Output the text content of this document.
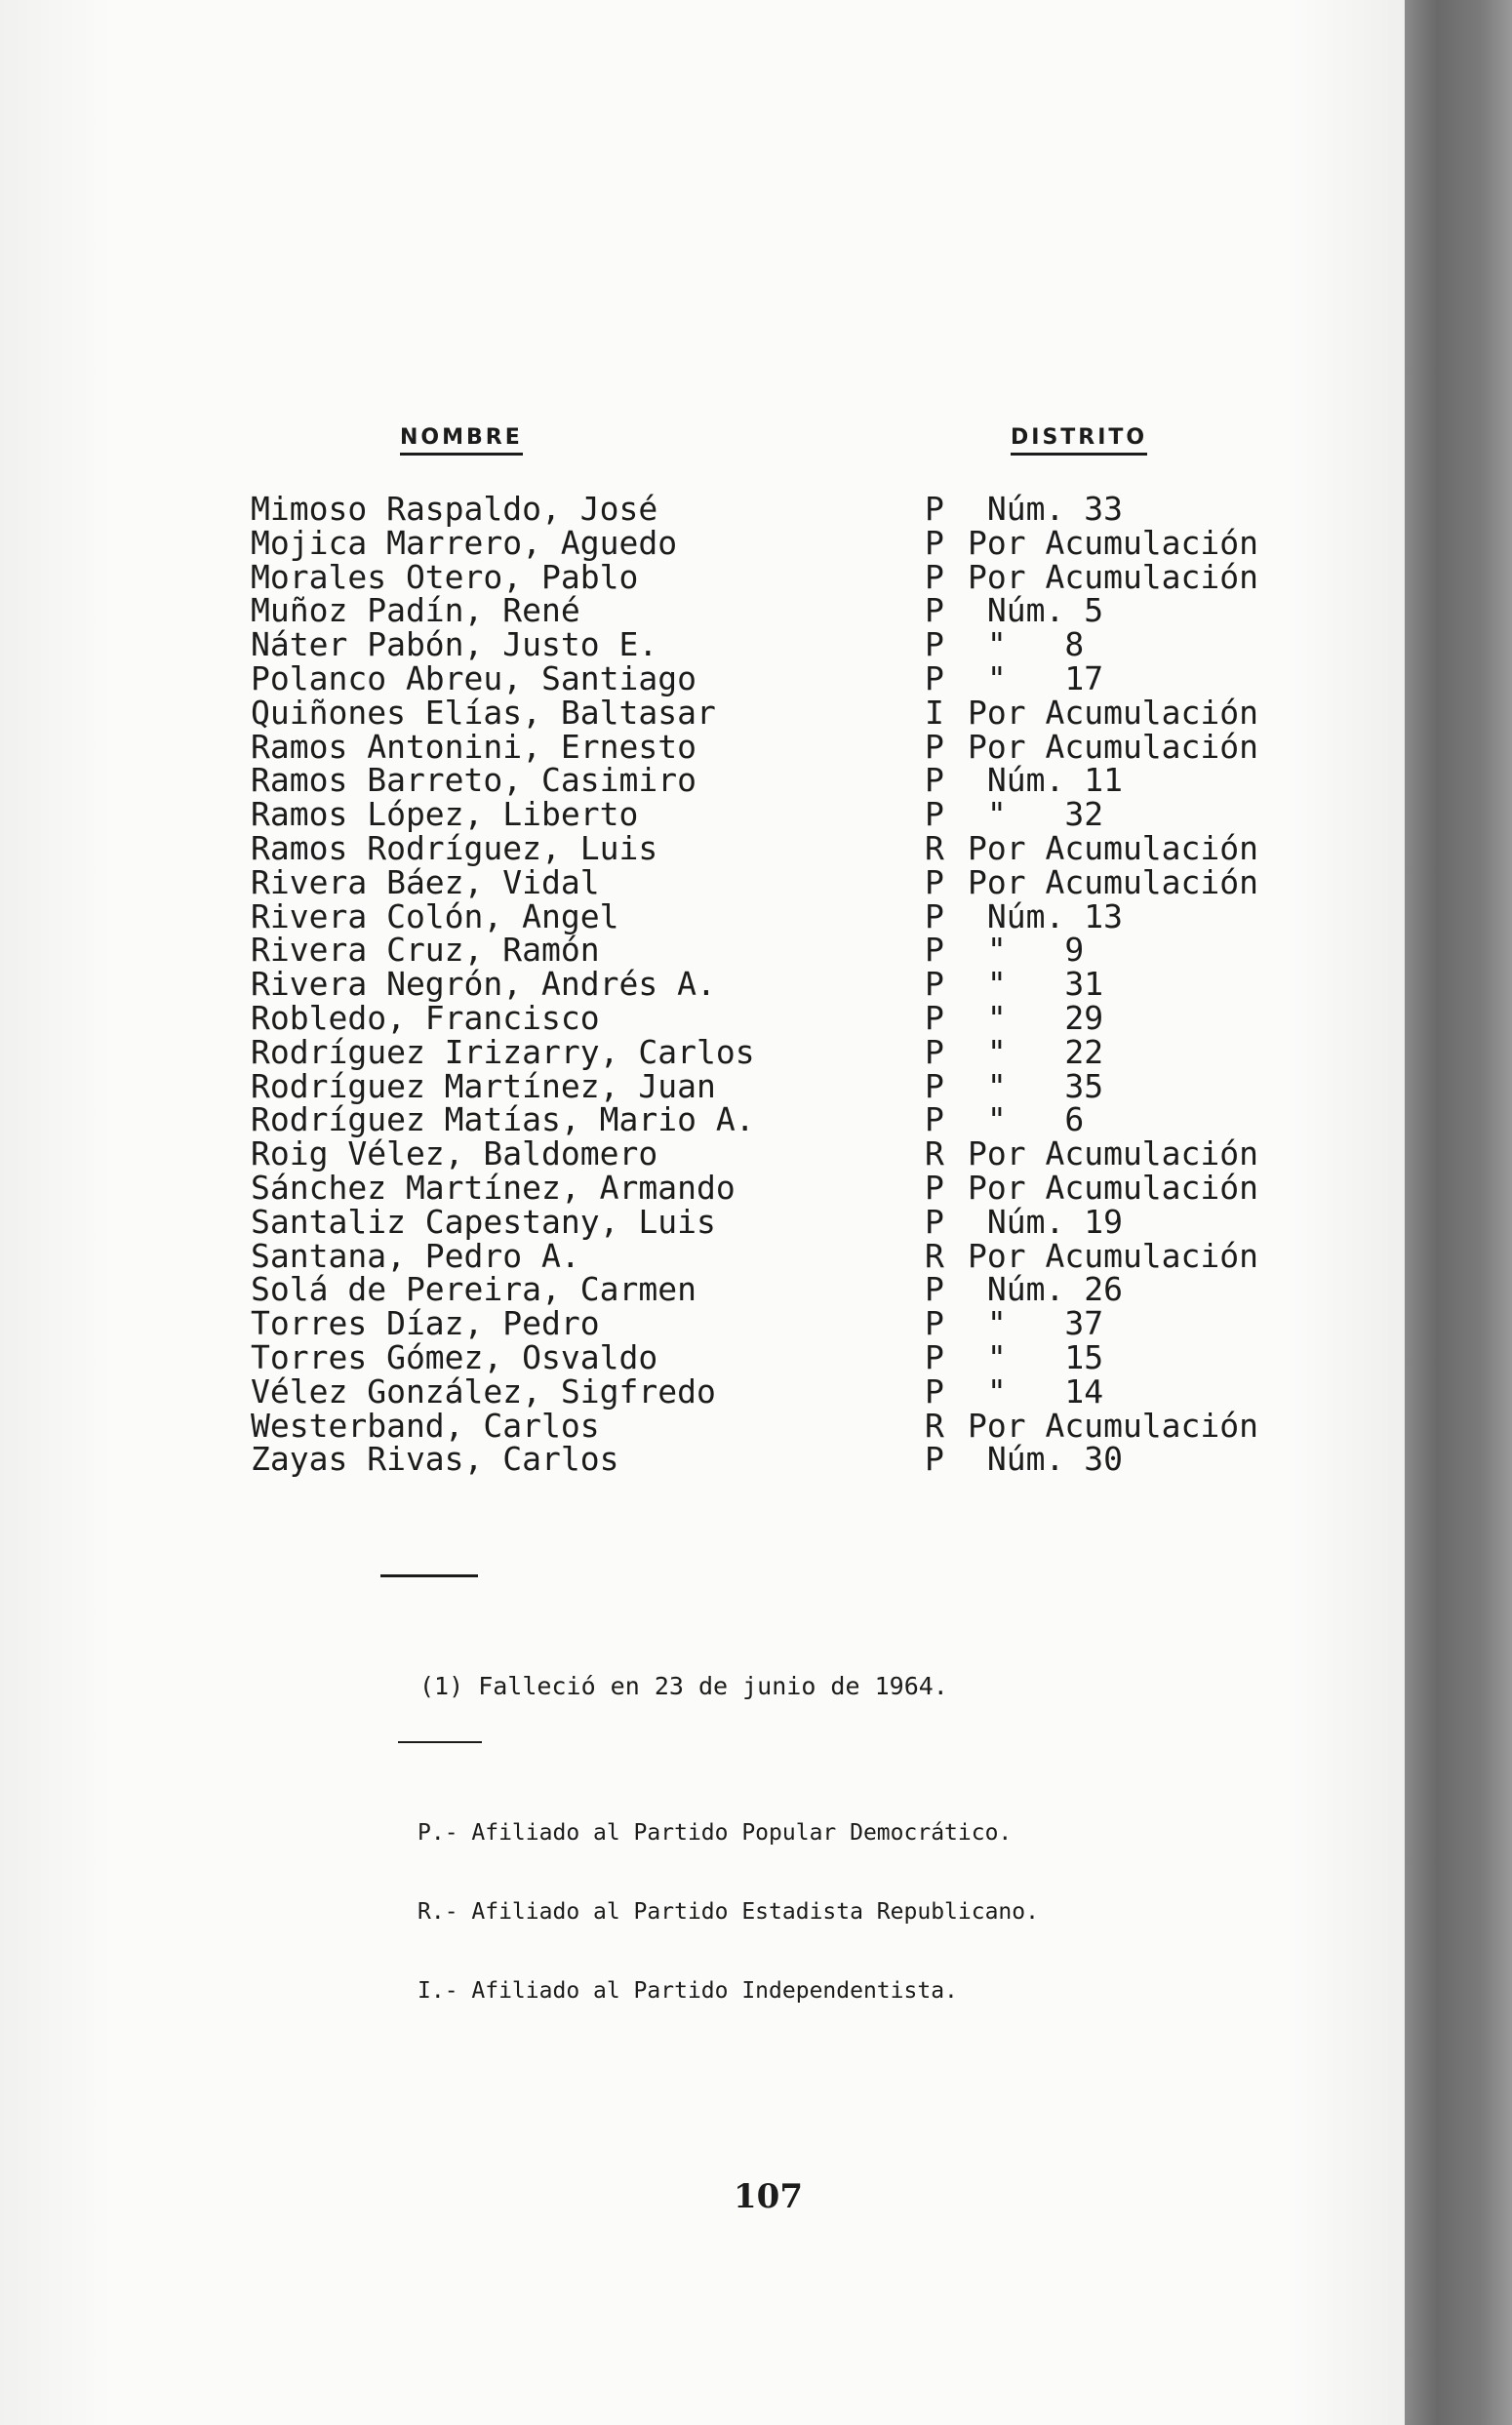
NOMBRE	DISTRITO
Mimoso Raspaldo, José	P Núm. 33
Mojica Marrero, Aguedo	P Por Acumulación
Morales Otero, Pablo	P Por Acumulación
Muñoz Padín, René	P Núm. 5
Náter Pabón, Justo E.	P "   8
Polanco Abreu, Santiago	P "   17
Quiñones Elías, Baltasar	I Por Acumulación
Ramos Antonini, Ernesto	P Por Acumulación
Ramos Barreto, Casimiro	P Núm. 11
Ramos López, Liberto	P "   32
Ramos Rodríguez, Luis	R Por Acumulación
Rivera Báez, Vidal	P Por Acumulación
Rivera Colón, Angel	P Núm. 13
Rivera Cruz, Ramón	P "   9
Rivera Negrón, Andrés A.	P "   31
Robledo, Francisco	P "   29
Rodríguez Irizarry, Carlos	P "   22
Rodríguez Martínez, Juan	P "   35
Rodríguez Matías, Mario A.	P "   6
Roig Vélez, Baldomero	R Por Acumulación
Sánchez Martínez, Armando	P Por Acumulación
Santaliz Capestany, Luis	P Núm. 19
Santana, Pedro A.	R Por Acumulación
Solá de Pereira, Carmen	P Núm. 26
Torres Díaz, Pedro	P "   37
Torres Gómez, Osvaldo	P "   15
Vélez González, Sigfredo	P "   14
Westerband, Carlos	R Por Acumulación
Zayas Rivas, Carlos	P Núm. 30
(1) Falleció en 23 de junio de 1964.

P.- Afiliado al Partido Popular Democrático.

R.- Afiliado al Partido Estadista Republicano.

I.- Afiliado al Partido Independentista.

107
